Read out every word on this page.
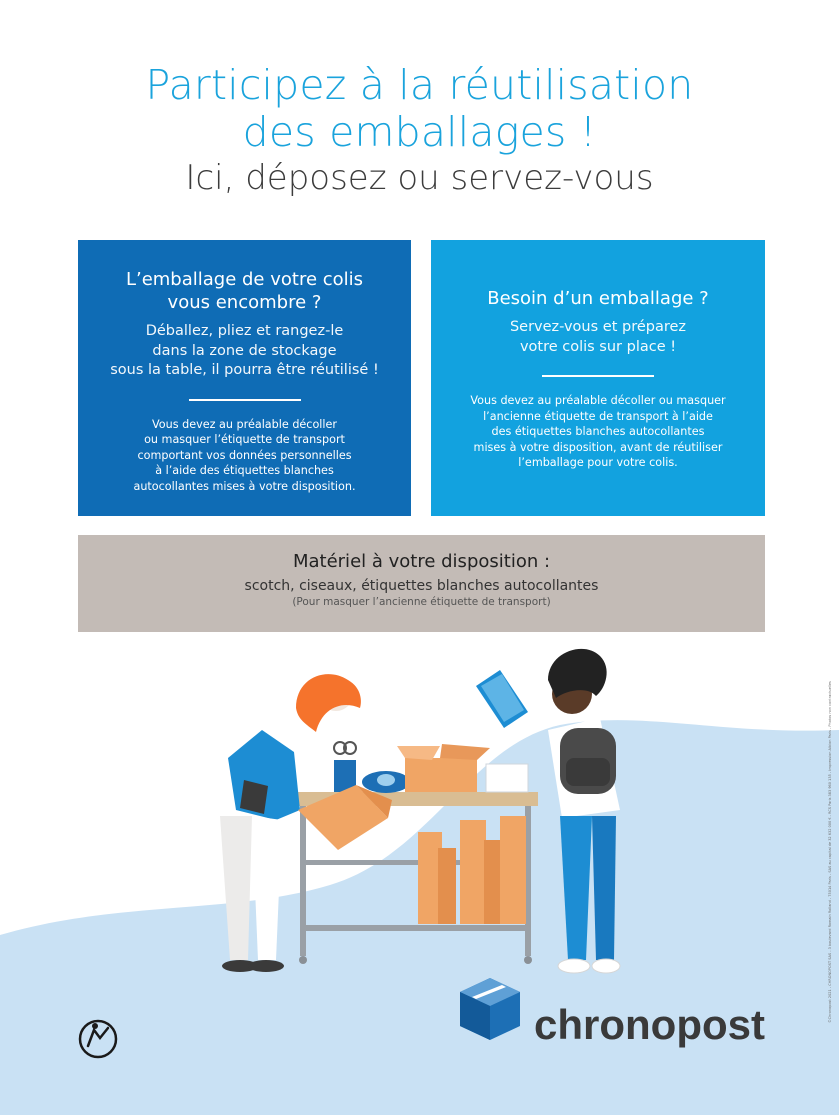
Participez à la réutilisation

des emballages !

Ici, déposez ou servez-vous

L’emballage de votre colis
vous encombre ?

Déballez, pliez et rangez-le
dans la zone de stockage
sous la table, il pourra être réutilisé !

Vous devez au préalable décoller
ou masquer l’étiquette de transport
comportant vos données personnelles
à l’aide des étiquettes blanches
autocollantes mises à votre disposition.

Besoin d’un emballage ?

Servez-vous et préparez
votre colis sur place !

Vous devez au préalable décoller ou masquer
l’ancienne étiquette de transport à l’aide
des étiquettes blanches autocollantes
mises à votre disposition, avant de réutiliser
l’emballage pour votre colis.

Matériel à votre disposition :

scotch, ciseaux, étiquettes blanches autocollantes

(Pour masquer l’ancienne étiquette de transport)

chronopost
©Chronopost 2021 - CHRONOPOST SAS - 3 boulevard Romain Rolland - 75014 Paris - SAS au capital de 32 632 000 € - RCS Paris 383 960 135 - Impression Albion Paris - Photos non contractuelles
